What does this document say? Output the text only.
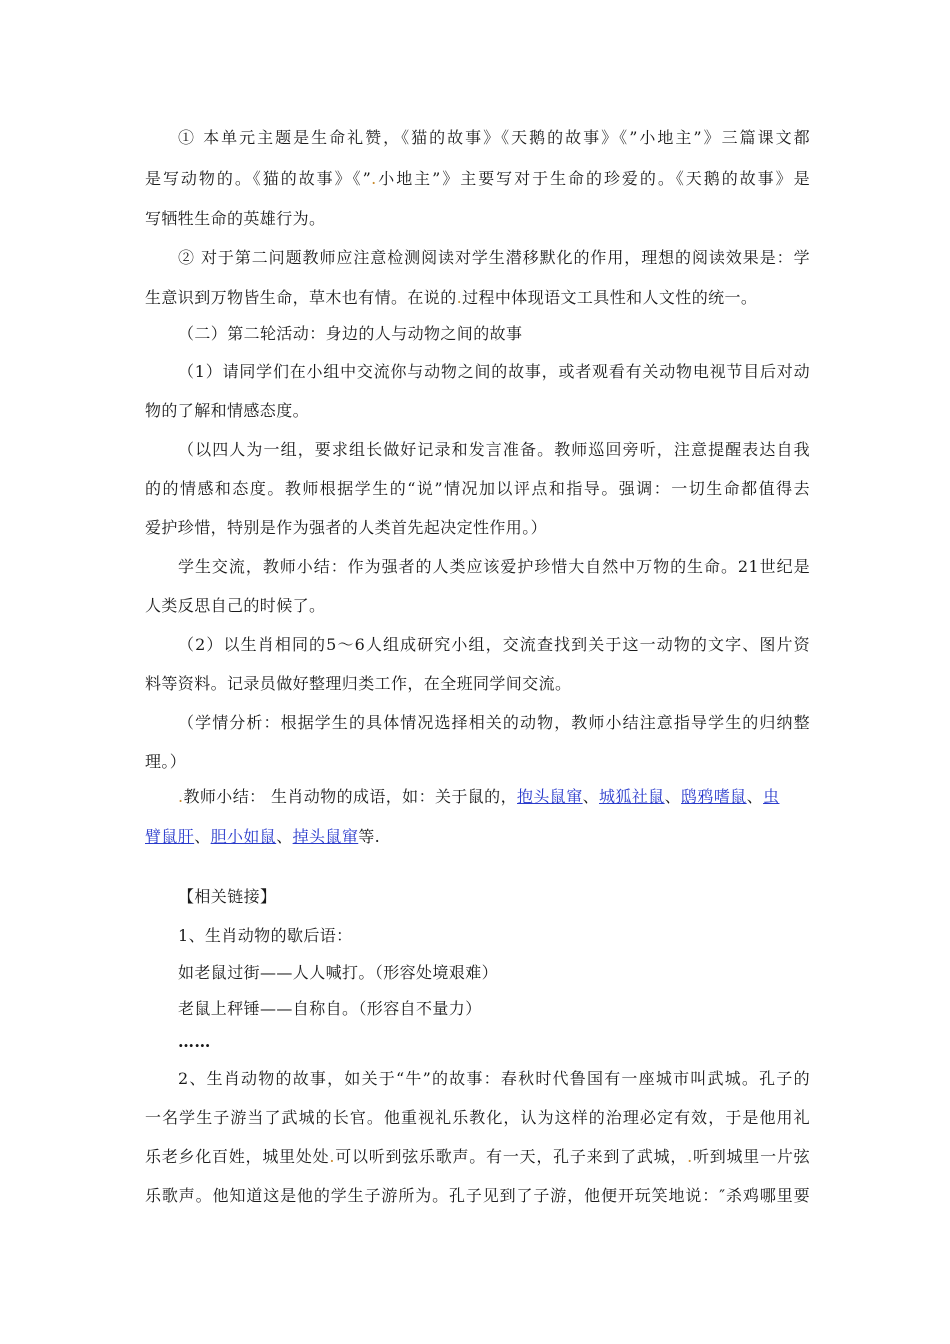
① 本单元主题是生命礼赞，《猫的故事》《天鹅的故事》《”小地主”》三篇课文都
是写动物的。《猫的故事》《”.小地主”》主要写对于生命的珍爱的。《天鹅的故事》是
写牺牲生命的英雄行为。
② 对于第二问题教师应注意检测阅读对学生潜移默化的作用，理想的阅读效果是：学
生意识到万物皆生命，草木也有情。在说的.过程中体现语文工具性和人文性的统一。
（二）第二轮活动：身边的人与动物之间的故事
（1）请同学们在小组中交流你与动物之间的故事，或者观看有关动物电视节目后对动
物的了解和情感态度。
（以四人为一组，要求组长做好记录和发言准备。教师巡回旁听，注意提醒表达自我
的的情感和态度。教师根据学生的“说”情况加以评点和指导。强调：一切生命都值得去
爱护珍惜，特别是作为强者的人类首先起决定性作用。）
学生交流，教师小结：作为强者的人类应该爱护珍惜大自然中万物的生命。21世纪是
人类反思自己的时候了。
（2）以生肖相同的5～6人组成研究小组，交流查找到关于这一动物的文字、图片资
料等资料。记录员做好整理归类工作，在全班同学间交流。
（学情分析：根据学生的具体情况选择相关的动物，教师小结注意指导学生的归纳整
理。）
.教师小结： 生肖动物的成语，如：关于鼠的，抱头鼠窜、城狐社鼠、鸱鸦嗜鼠、虫
臂鼠肝、胆小如鼠、掉头鼠窜等.
【相关链接】
1、生肖动物的歇后语：
如老鼠过街——人人喊打。（形容处境艰难）
老鼠上秤锤——自称自。（形容自不量力）
……
2、生肖动物的故事，如关于“牛”的故事：春秋时代鲁国有一座城市叫武城。孔子的
一名学生子游当了武城的长官。他重视礼乐教化，认为这样的治理必定有效，于是他用礼
乐老乡化百姓，城里处处.可以听到弦乐歌声。有一天，孔子来到了武城，.听到城里一片弦
乐歌声。他知道这是他的学生子游所为。孔子见到了子游，他便开玩笑地说：″杀鸡哪里要
